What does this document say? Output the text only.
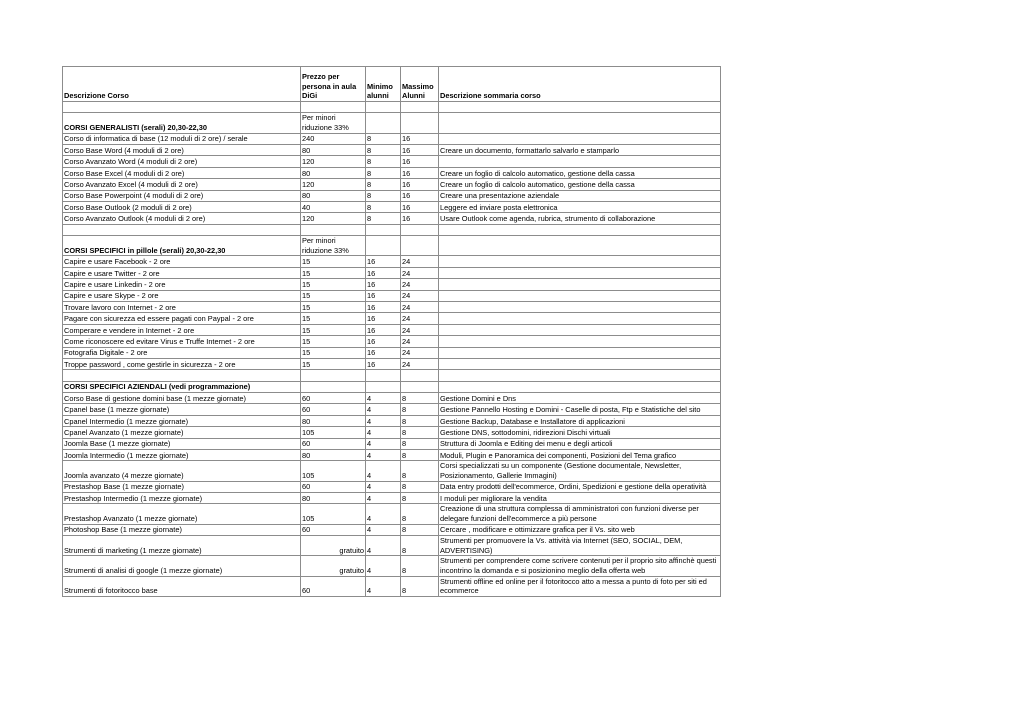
Descrizione Corso	Prezzo per persona in aula DiGi	Minimo alunni	Massimo Alunni	Descrizione sommaria corso

CORSI GENERALISTI (serali) 20,30-22,30	Per minori riduzione 33%			
Corso di informatica di base (12 moduli di 2 ore) / serale	240	8	16	
Corso Base Word (4 moduli di 2 ore)	80	8	16	Creare un documento, formattarlo salvarlo e stamparlo
Corso Avanzato Word (4 moduli di 2 ore)	120	8	16	
Corso Base Excel (4 moduli di 2 ore)	80	8	16	Creare un foglio di calcolo automatico, gestione della cassa
Corso Avanzato Excel (4 moduli di 2 ore)	120	8	16	Creare un foglio di calcolo automatico, gestione della cassa
Corso Base Powerpoint (4 moduli di 2 ore)	80	8	16	Creare una presentazione aziendale
Corso Base Outlook (2 moduli di 2 ore)	40	8	16	Leggere ed inviare posta elettronica
Corso Avanzato Outlook (4 moduli di 2 ore)	120	8	16	Usare Outlook come agenda, rubrica, strumento di collaborazione

CORSI SPECIFICI in pillole (serali) 20,30-22,30	Per minori riduzione 33%			
Capire e usare Facebook - 2 ore	15	16	24	
Capire e usare Twitter - 2 ore	15	16	24	
Capire e usare Linkedin - 2 ore	15	16	24	
Capire e usare Skype - 2 ore	15	16	24	
Trovare lavoro con Internet - 2 ore	15	16	24	
Pagare con sicurezza ed essere pagati con Paypal - 2 ore	15	16	24	
Comperare e vendere in Internet - 2 ore	15	16	24	
Come riconoscere ed evitare Virus e Truffe Internet - 2 ore	15	16	24	
Fotografia Digitale - 2 ore	15	16	24	
Troppe password , come gestirle in sicurezza - 2 ore	15	16	24	

CORSI SPECIFICI AZIENDALI (vedi programmazione)				
Corso Base di gestione domini base (1 mezze giornate)	60	4	8	Gestione Domini e Dns
Cpanel base (1 mezze giornate)	60	4	8	Gestione Pannello Hosting e Domini - Caselle di posta, Ftp e Statistiche del sito
Cpanel Intermedio (1 mezze giornate)	80	4	8	Gestione Backup, Database e Installatore di applicazioni
Cpanel Avanzato (1 mezze giornate)	105	4	8	Gestione DNS, sottodomini, ridirezioni Dischi virtuali
Joomla Base (1 mezze giornate)	60	4	8	Struttura di Joomla e Editing dei menu e degli articoli
Joomla Intermedio (1 mezze giornate)	80	4	8	Moduli, Plugin e Panoramica dei componenti, Posizioni del Tema grafico
Joomla avanzato (4 mezze giornate)	105	4	8	Corsi specializzati su un componente (Gestione documentale, Newsletter, Posizionamento, Gallerie Immagini)
Prestashop Base (1 mezze giornate)	60	4	8	Data entry prodotti dell'ecommerce, Ordini, Spedizioni e gestione della operatività
Prestashop Intermedio (1 mezze giornate)	80	4	8	I moduli per migliorare la vendita
Prestashop Avanzato (1 mezze giornate)	105	4	8	Creazione di una struttura complessa di amministratori con funzioni diverse per delegare funzioni dell'ecommerce a più persone
Photoshop Base (1 mezze giornate)	60	4	8	Cercare , modificare e ottimizzare grafica per il Vs. sito web
Strumenti di marketing (1 mezze giornate)	gratuito	4	8	Strumenti per promuovere la Vs. attività via Internet (SEO, SOCIAL, DEM, ADVERTISING)
Strumenti di analisi di google (1 mezze giornate)	gratuito	4	8	Strumenti per comprendere come scrivere contenuti per il proprio sito affinchè questi incontrino la domanda e si posizionino meglio della offerta web
Strumenti di fotoritocco base	60	4	8	Strumenti offline ed online per il fotoritocco atto a messa a punto di foto per siti ed ecommerce
